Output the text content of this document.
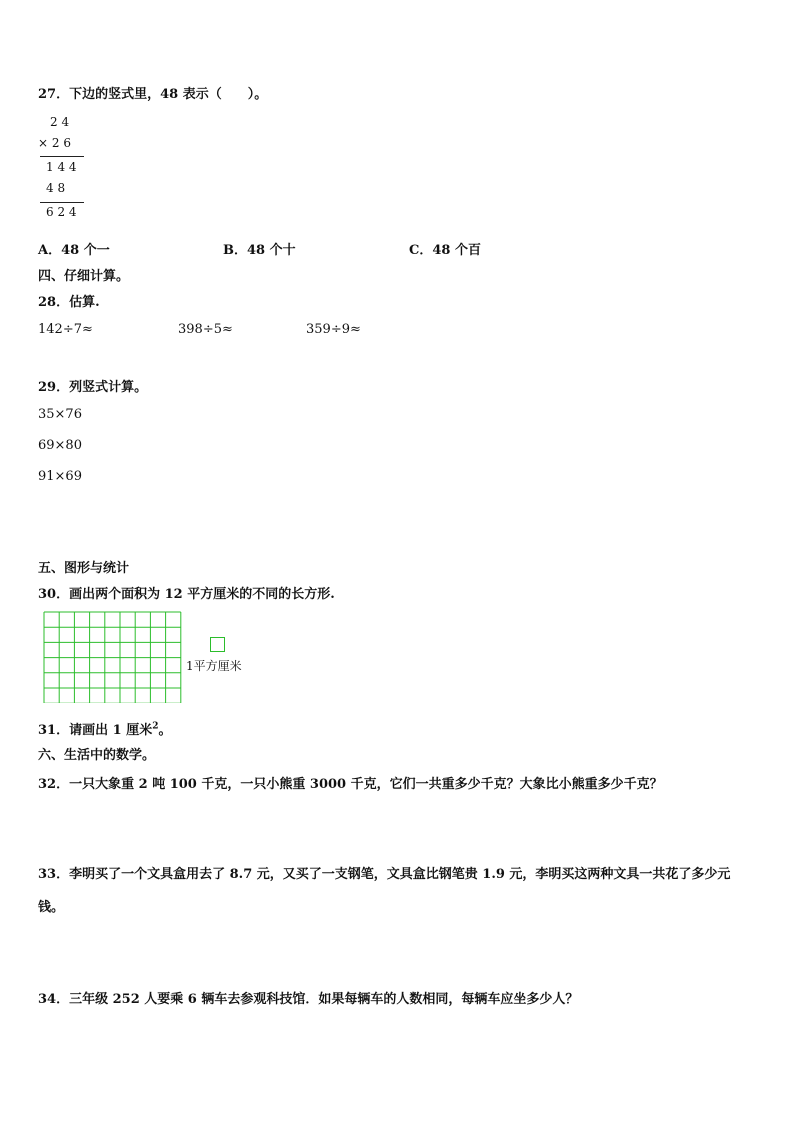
27．下边的竖式里，48 表示（　　）。
2 4
× 2 6
1 4 4
4 8
6 2 4
A．48 个一	B．48 个十	C．48 个百
四、仔细计算。
28．估算.
142÷7≈	398÷5≈	359÷9≈
29．列竖式计算。
35×76
69×80
91×69
五、图形与统计
30．画出两个面积为 12 平方厘米的不同的长方形.
1平方厘米
31．请画出 1 厘米$^2$。
六、生活中的数学。
32．一只大象重 2 吨 100 千克，一只小熊重 3000 千克，它们一共重多少千克？大象比小熊重多少千克？
33．李明买了一个文具盒用去了 8.7 元，又买了一支钢笔，文具盒比钢笔贵 1.9 元，李明买这两种文具一共花了多少元
钱。
34．三年级 252 人要乘 6 辆车去参观科技馆．如果每辆车的人数相同，每辆车应坐多少人？
